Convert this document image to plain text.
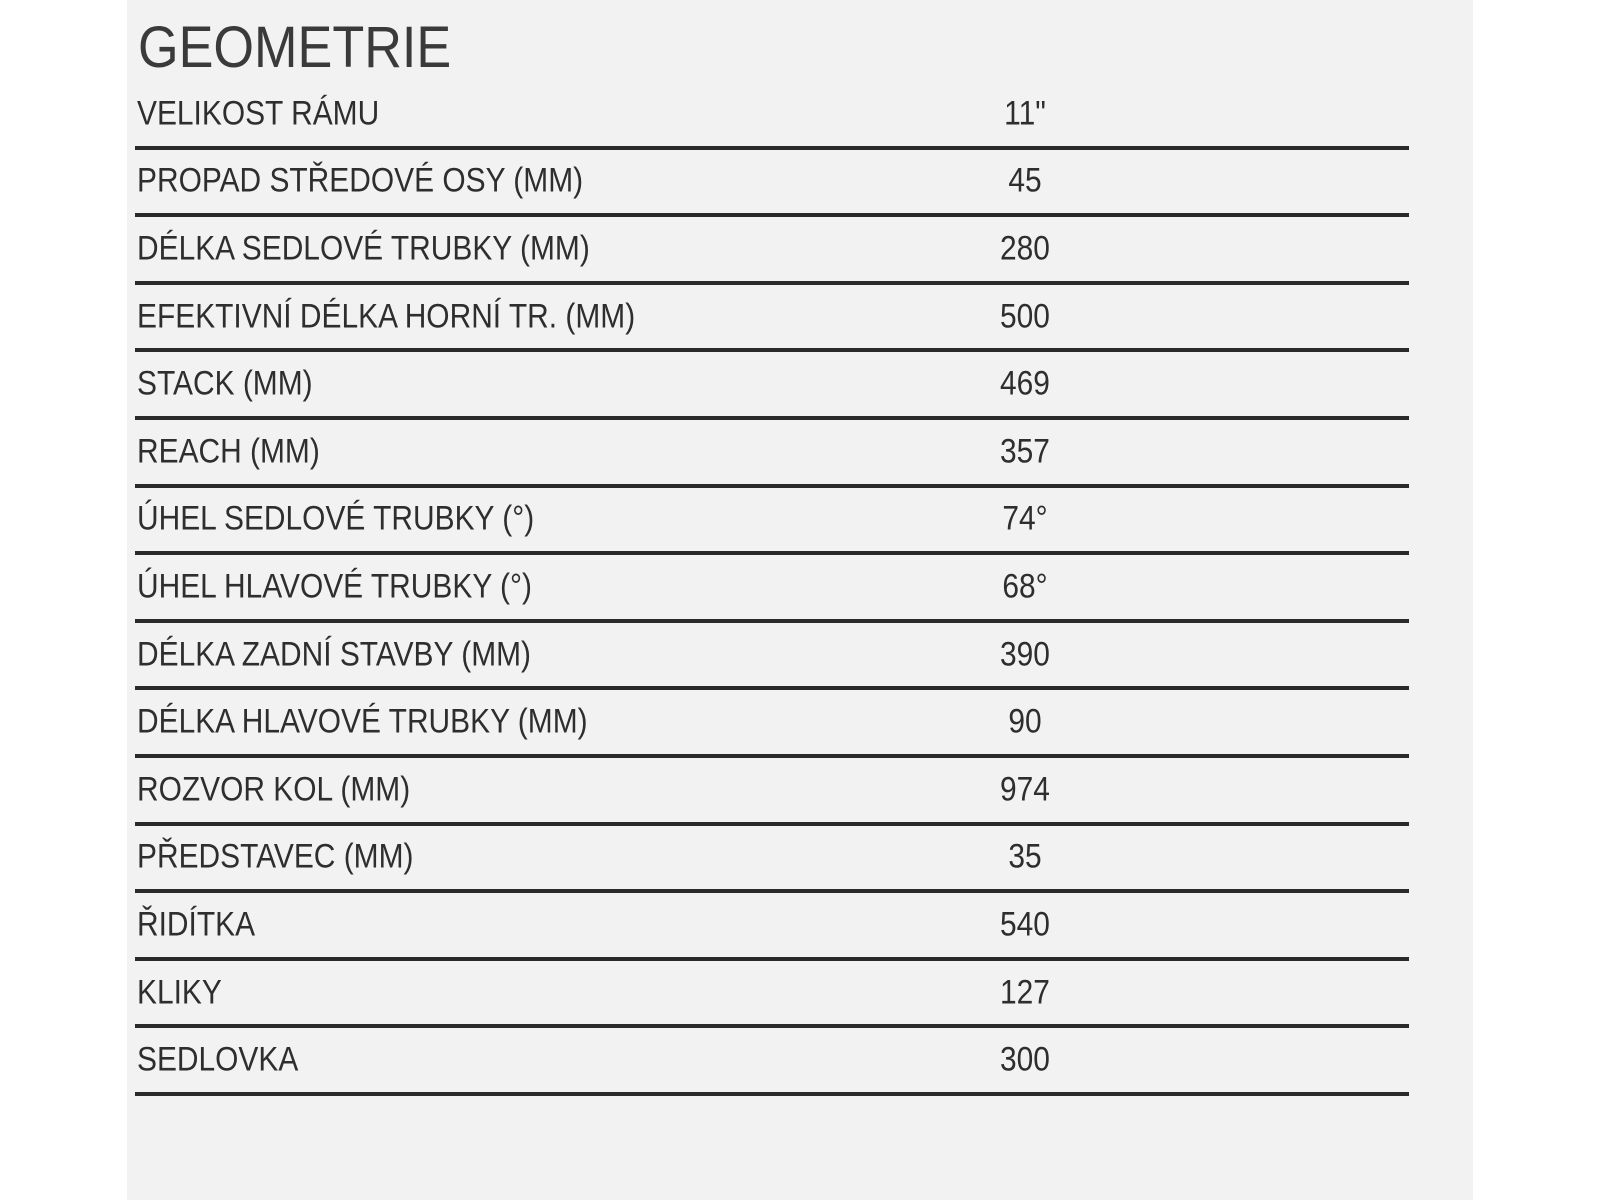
GEOMETRIE
VELIKOST RÁMU	11"
PROPAD STŘEDOVÉ OSY (MM)	45
DÉLKA SEDLOVÉ TRUBKY (MM)	280
EFEKTIVNÍ DÉLKA HORNÍ TR. (MM)	500
STACK (MM)	469
REACH (MM)	357
ÚHEL SEDLOVÉ TRUBKY (°)	74°
ÚHEL HLAVOVÉ TRUBKY (°)	68°
DÉLKA ZADNÍ STAVBY (MM)	390
DÉLKA HLAVOVÉ TRUBKY (MM)	90
ROZVOR KOL (MM)	974
PŘEDSTAVEC (MM)	35
ŘIDÍTKA	540
KLIKY	127
SEDLOVKA	300
